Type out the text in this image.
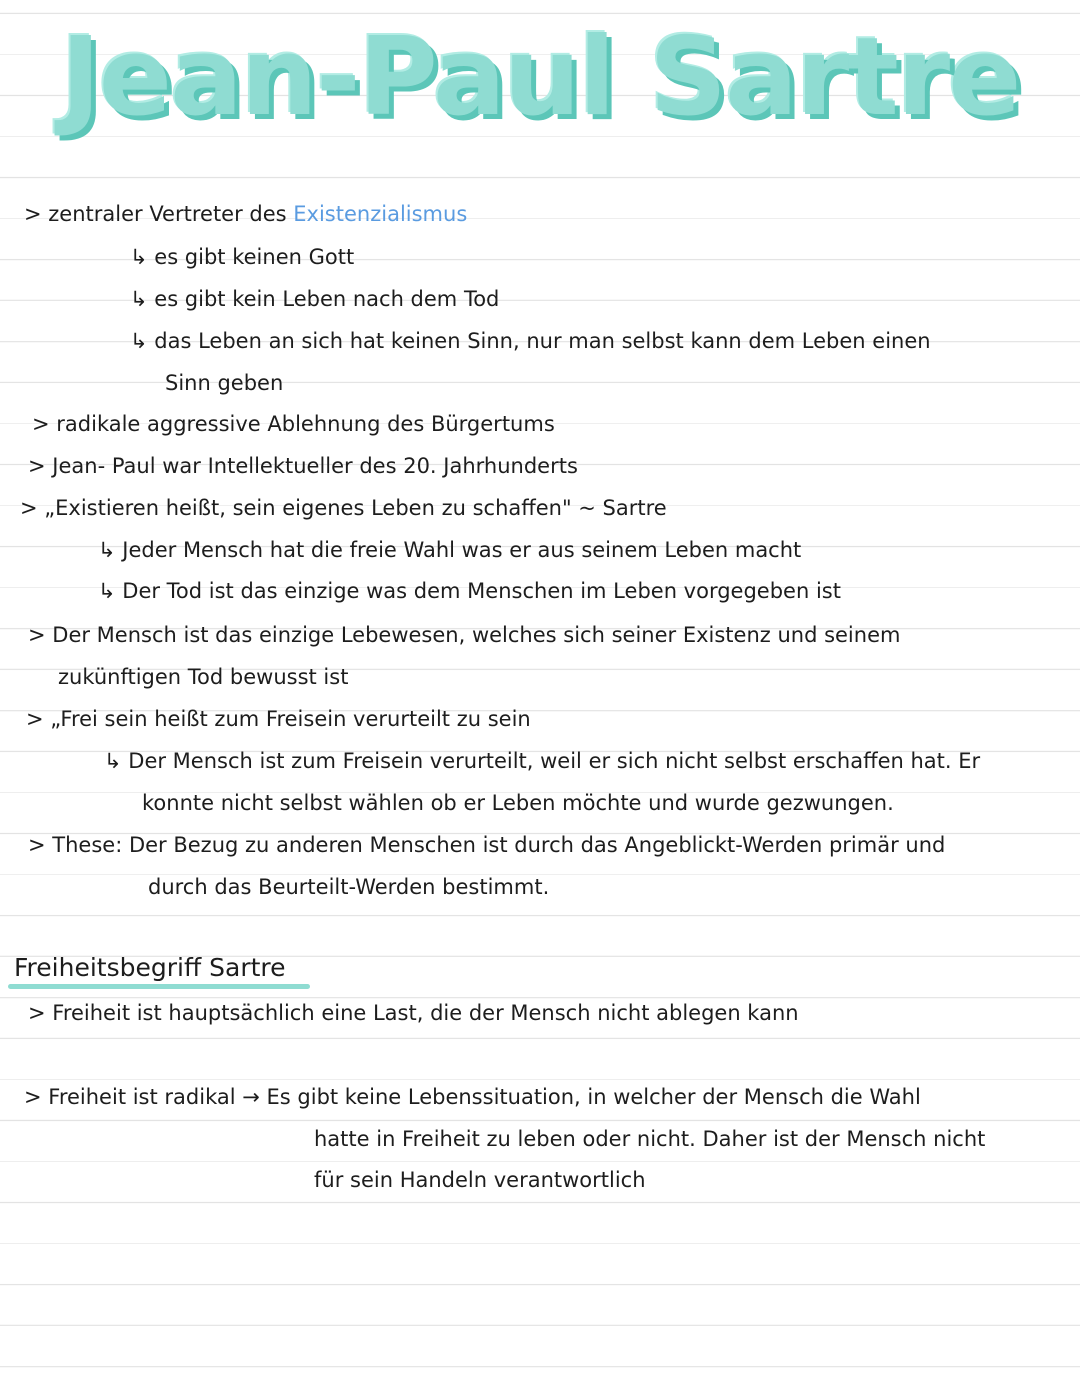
Jean-Paul Sartre
> zentraler Vertreter des Existenzialismus
↳ es gibt keinen Gott
↳ es gibt kein Leben nach dem Tod
↳ das Leben an sich hat keinen Sinn, nur man selbst kann dem Leben einen
Sinn geben
> radikale aggressive Ablehnung des Bürgertums
> Jean- Paul war Intellektueller des 20. Jahrhunderts
> „Existieren heißt, sein eigenes Leben zu schaffen" ~ Sartre
↳ Jeder Mensch hat die freie Wahl was er aus seinem Leben macht
↳ Der Tod ist das einzige was dem Menschen im Leben vorgegeben ist
> Der Mensch ist das einzige Lebewesen, welches sich seiner Existenz und seinem
zukünftigen Tod bewusst ist
> „Frei sein heißt zum Freisein verurteilt zu sein
↳ Der Mensch ist zum Freisein verurteilt, weil er sich nicht selbst erschaffen hat. Er
konnte nicht selbst wählen ob er Leben möchte und wurde gezwungen.
> These: Der Bezug zu anderen Menschen ist durch das Angeblickt-Werden primär und
durch das Beurteilt-Werden bestimmt.
Freiheitsbegriff Sartre
> Freiheit ist hauptsächlich eine Last, die der Mensch nicht ablegen kann
> Freiheit ist radikal → Es gibt keine Lebenssituation, in welcher der Mensch die Wahl
hatte in Freiheit zu leben oder nicht. Daher ist der Mensch nicht
für sein Handeln verantwortlich
